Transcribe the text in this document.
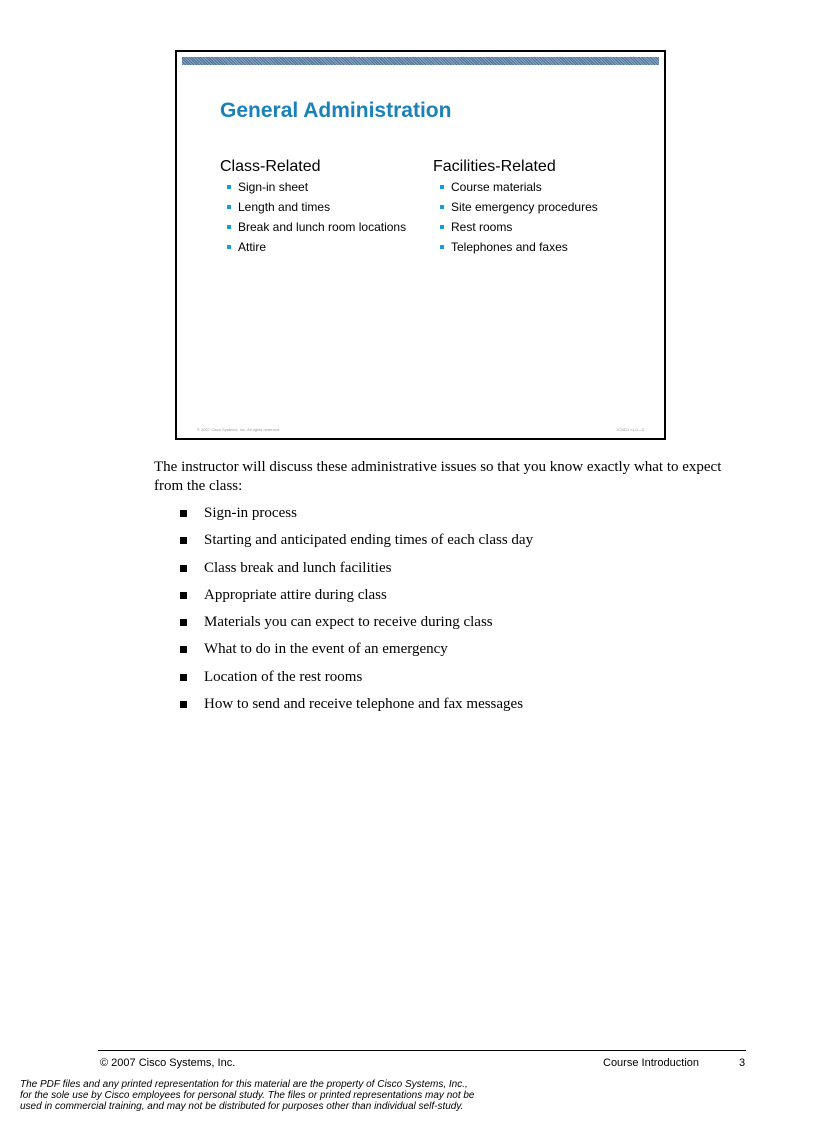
General Administration
Class-Related
Sign-in sheet
Length and times
Break and lunch room locations
Attire
Facilities-Related
Course materials
Site emergency procedures
Rest rooms
Telephones and faxes
© 2007 Cisco Systems, Inc. All rights reserved.	ICND1 v1.0—3
The instructor will discuss these administrative issues so that you know exactly what to expect from the class:
Sign-in process
Starting and anticipated ending times of each class day
Class break and lunch facilities
Appropriate attire during class
Materials you can expect to receive during class
What to do in the event of an emergency
Location of the rest rooms
How to send and receive telephone and fax messages
© 2007 Cisco Systems, Inc.	Course Introduction	3
The PDF files and any printed representation for this material are the property of Cisco Systems, Inc.,
for the sole use by Cisco employees for personal study. The files or printed representations may not be
used in commercial training, and may not be distributed for purposes other than individual self-study.
